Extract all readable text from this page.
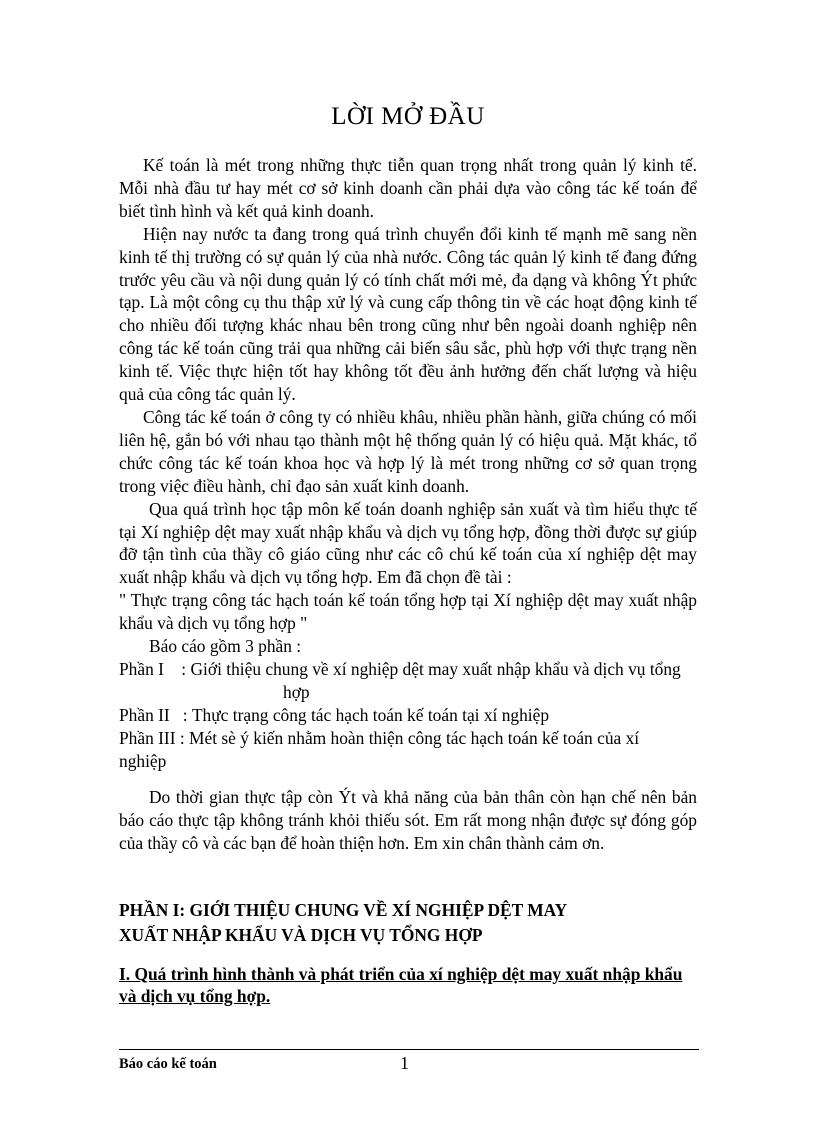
LỜI MỞ ĐẦU

Kế toán là mét trong những thực tiễn quan trọng nhất trong quản lý kinh tế. Mỗi nhà đầu tư hay mét cơ sở kinh doanh cần phải dựa vào công tác kế toán để biết tình hình và kết quả kinh doanh.

Hiện nay nước ta đang trong quá trình chuyển đổi kinh tế mạnh mẽ sang nền kinh tế thị trường có sự quản lý của nhà nước. Công tác quản lý kinh tế đang đứng trước yêu cầu và nội dung quản lý có tính chất mới mẻ, đa dạng và không Ýt phức tạp. Là một công cụ thu thập xử lý và cung cấp thông tin về các hoạt động kinh tế cho nhiều đối tượng khác nhau bên trong cũng như bên ngoài doanh nghiệp nên công tác kế toán cũng trải qua những cải biến sâu sắc, phù hợp với thực trạng nền kinh tế. Việc thực hiện tốt hay không tốt đều ảnh hưởng đến chất lượng và hiệu quả của công tác quản lý.

Công tác kế toán ở công ty có nhiều khâu, nhiều phần hành, giữa chúng có mối liên hệ, gắn bó với nhau tạo thành một hệ thống quản lý có hiệu quả. Mặt khác, tổ chức công tác kế toán khoa học và hợp lý là mét trong những cơ sở quan trọng trong việc điều hành, chỉ đạo sản xuất kinh doanh.

Qua quá trình học tập môn kế toán doanh nghiệp sản xuất và tìm hiểu thực tế tại Xí nghiệp dệt may xuất nhập khẩu và dịch vụ tổng hợp, đồng thời được sự giúp đỡ tận tình của thầy cô giáo cũng như các cô chú kế toán của xí nghiệp dệt may xuất nhập khẩu và dịch vụ tổng hợp. Em đã chọn đề tài :

" Thực trạng công tác hạch toán kế toán tổng hợp tại Xí nghiệp dệt may xuất nhập khẩu và dịch vụ tổng hợp "

Báo cáo gồm 3 phần :

Phần I    : Giới thiệu chung về xí nghiệp dệt may xuất nhập khẩu và dịch vụ tổng
hợp
Phần II   : Thực trạng công tác hạch toán kế toán tại xí nghiệp
Phần III : Mét sè ý kiến nhằm hoàn thiện công tác hạch toán kế toán của xí
nghiệp

Do thời gian thực tập còn Ýt và khả năng của bản thân còn hạn chế nên bản báo cáo thực tập không tránh khỏi thiếu sót. Em rất mong nhận được sự đóng góp của thầy cô và các bạn để hoàn thiện hơn. Em xin chân thành cảm ơn.

PHẦN I: GIỚI THIỆU CHUNG VỀ XÍ NGHIỆP DỆT MAY
XUẤT NHẬP KHẨU VÀ DỊCH VỤ TỔNG HỢP
I. Quá trình hình thành và phát triển của xí nghiệp dệt may xuất nhập khẩu và dịch vụ tổng hợp.
Báo cáo kế toán	1
